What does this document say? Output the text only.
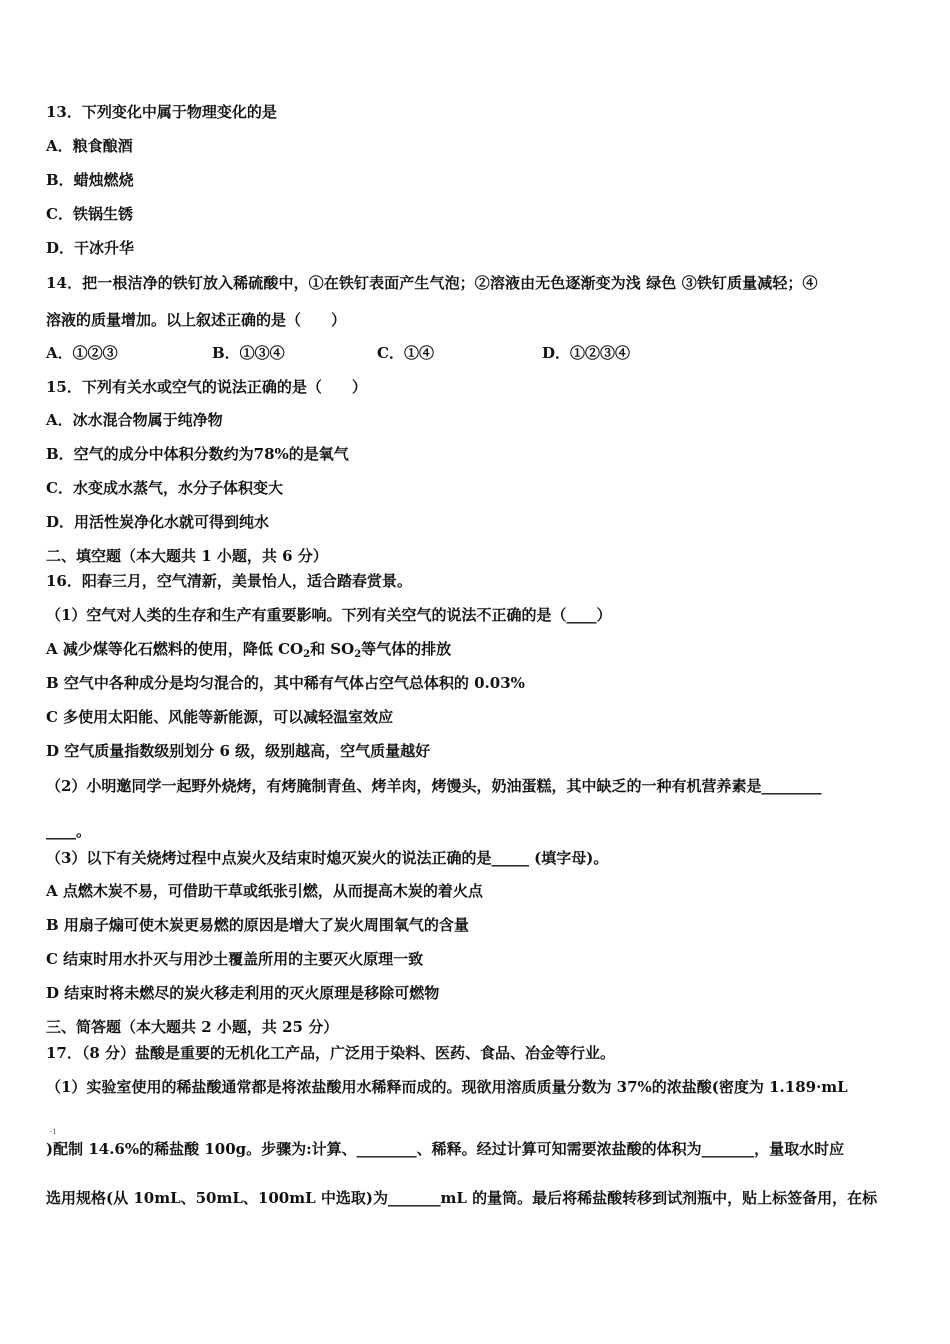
13．下列变化中属于物理变化的是
A．粮食酿酒
B．蜡烛燃烧
C．铁锅生锈
D．干冰升华
14．把一根洁净的铁钉放入稀硫酸中，①在铁钉表面产生气泡；②溶液由无色逐渐变为浅 绿色 ③铁钉质量减轻；④
溶液的质量增加。以上叙述正确的是（　　）
A．①②③	B．①③④	C．①④	D．①②③④
15．下列有关水或空气的说法正确的是（　　）
A．冰水混合物属于纯净物
B．空气的成分中体积分数约为78%的是氧气
C．水变成水蒸气，水分子体积变大
D．用活性炭净化水就可得到纯水
二、填空题（本大题共 1 小题，共 6 分）
16．阳春三月，空气清新，美景怡人，适合踏春赏景。
（1）空气对人类的生存和生产有重要影响。下列有关空气的说法不正确的是（____）
A 减少煤等化石燃料的使用，降低 $CO_2$和 $SO_2$等气体的排放
B 空气中各种成分是均匀混合的，其中稀有气体占空气总体积的 0.03%
C 多使用太阳能、风能等新能源，可以减轻温室效应
D 空气质量指数级别划分 6 级，级别越高，空气质量越好
（2）小明邀同学一起野外烧烤，有烤腌制青鱼、烤羊肉，烤馒头，奶油蛋糕，其中缺乏的一种有机营养素是________
____。
（3）以下有关烧烤过程中点炭火及结束时熄灭炭火的说法正确的是_____ (填字母)。
A 点燃木炭不易，可借助干草或纸张引燃，从而提高木炭的着火点
B 用扇子煽可使木炭更易燃的原因是增大了炭火周围氧气的含量
C 结束时用水扑灭与用沙土覆盖所用的主要灭火原理一致
D 结束时将未燃尽的炭火移走利用的灭火原理是移除可燃物
三、简答题（本大题共 2 小题，共 25 分）
17．（8 分）盐酸是重要的无机化工产品，广泛用于染料、医药、食品、冶金等行业。
（1）实验室使用的稀盐酸通常都是将浓盐酸用水稀释而成的。现欲用溶质质量分数为 37%的浓盐酸(密度为 1.189·mL
-1
)配制 14.6%的稀盐酸 100g。步骤为:计算、________、稀释。经过计算可知需要浓盐酸的体积为_______，量取水时应
选用规格(从 10mL、50mL、100mL 中选取)为_______mL 的量筒。最后将稀盐酸转移到试剂瓶中，贴上标签备用，在标
